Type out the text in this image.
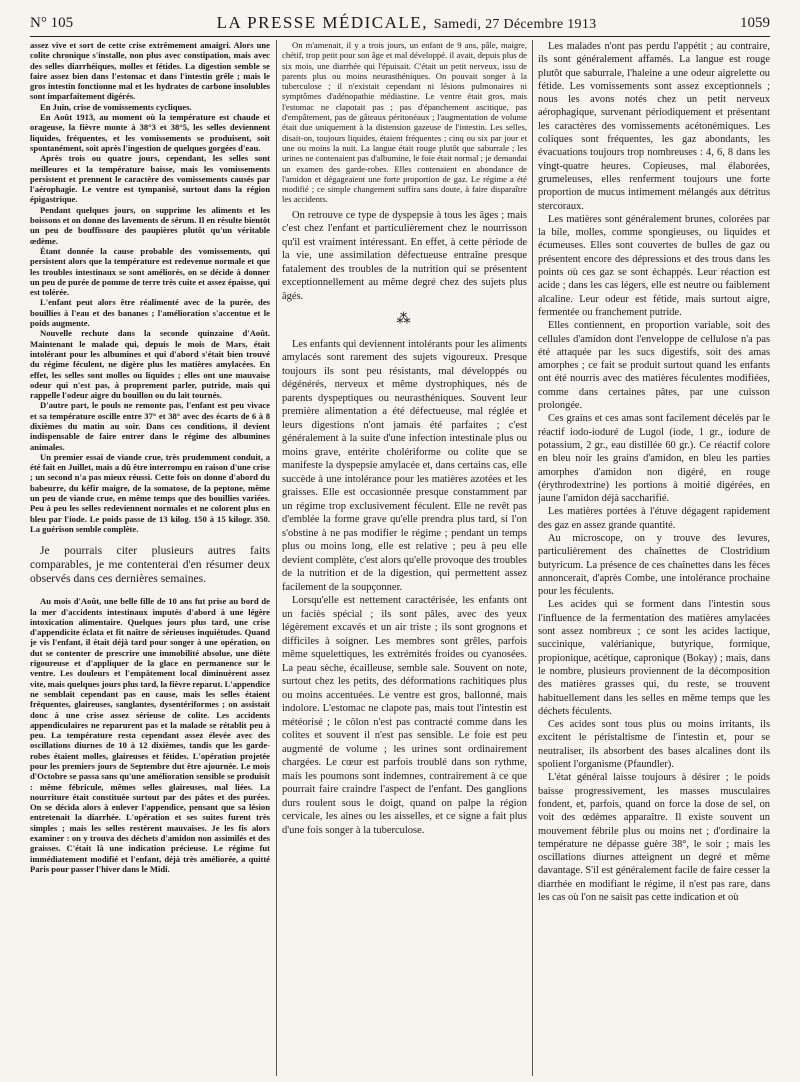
N° 105	LA PRESSE MÉDICALE, Samedi, 27 Décembre 1913	1059

assez vive et sort de cette crise extrêmement amaigri. Alors une colite chronique s'installe, non plus avec constipation, mais avec des selles diarrhéiques, molles et fétides. La digestion semble se faire assez bien dans l'estomac et dans l'intestin grêle ; mais le gros intestin fonctionne mal et les hydrates de carbone insolubles sont imparfaitement digérés.

En Juin, crise de vomissements cycliques.

En Août 1913, au moment où la température est chaude et orageuse, la fièvre monte à 38°3 et 38°5, les selles deviennent liquides, fréquentes, et les vomissements se produisent, soit spontanément, soit après l'ingestion de quelques gorgées d'eau.

Après trois ou quatre jours, cependant, les selles sont meilleures et la température baisse, mais les vomissements persistent et prennent le caractère des vomissements causés par l'aérophagie. Le ventre est tympanisé, surtout dans la région épigastrique.

Pendant quelques jours, on supprime les aliments et les boissons et on donne des lavements de sérum. Il en résulte bientôt un peu de bouffissure des paupières plutôt qu'un véritable œdème.

Étant donnée la cause probable des vomissements, qui persistent alors que la température est redevenue normale et que les troubles intestinaux se sont améliorés, on se décide à donner un peu de purée de pomme de terre très cuite et assez épaisse, qui est tolérée.

L'enfant peut alors être réalimenté avec de la purée, des bouillies à l'eau et des bananes ; l'amélioration s'accentue et le poids augmente.

Nouvelle rechute dans la seconde quinzaine d'Août. Maintenant le malade qui, depuis le mois de Mars, était intolérant pour les albumines et qui d'abord s'était bien trouvé du régime féculent, ne digère plus les matières amylacées. En effet, les selles sont molles ou liquides ; elles ont une mauvaise odeur qui n'est pas, à proprement parler, putride, mais qui rappelle l'odeur aigre du bouillon ou du lait tournés.

D'autre part, le pouls ne remonte pas, l'enfant est peu vivace et sa température oscille entre 37° et 38° avec des écarts de 6 à 8 dixièmes du matin au soir. Dans ces conditions, il devient indispensable de faire entrer dans le régime des albumines animales.

Un premier essai de viande crue, très prudemment conduit, a été fait en Juillet, mais a dû être interrompu en raison d'une crise ; un second n'a pas mieux réussi. Cette fois on donne d'abord du babeurre, du kéfir maigre, de la somatose, de la peptone, même un peu de viande crue, en même temps que des bouillies variées. Peu à peu les selles redeviennent normales et ne colorent plus en bleu par l'iode. Le poids passe de 13 kilog. 150 à 15 kilogr. 350. La guérison semble complète.

Je pourrais citer plusieurs autres faits comparables, je me contenterai d'en résumer deux observés dans ces dernières semaines.

Au mois d'Août, une belle fille de 10 ans fut prise au bord de la mer d'accidents intestinaux imputés d'abord à une légère intoxication alimentaire. Quelques jours plus tard, une crise d'appendicite éclata et fit naître de sérieuses inquiétudes. Quand je vis l'enfant, il était déjà tard pour songer à une opération, on dut se contenter de prescrire une immobilité absolue, une diète rigoureuse et d'appliquer de la glace en permanence sur le ventre. Les douleurs et l'empâtement local diminuèrent assez vite, mais quelques jours plus tard, la fièvre reparut. L'appendice ne semblait cependant pas en cause, mais les selles étaient fréquentes, glaireuses, sanglantes, dysentériformes ; on assistait donc à une crise assez sérieuse de colite. Les accidents appendiculaires ne reparurent pas et la malade se rétablit peu à peu. La température resta cependant assez élevée avec des oscillations diurnes de 10 à 12 dixièmes, tandis que les garde-robes étaient molles, glaireuses et fétides. L'opération projetée pour les premiers jours de Septembre dut être ajournée. Le mois d'Octobre se passa sans qu'une amélioration sensible se produisît : même fébricule, mêmes selles glaireuses, mal liées. La nourriture était constituée surtout par des pâtes et des purées. On se décida alors à enlever l'appendice, pensant que sa lésion entretenait la diarrhée. L'opération et ses suites furent très simples ; mais les selles restèrent mauvaises. Je les fis alors examiner : on y trouva des déchets d'amidon non assimilés et des graisses. C'était là une indication précieuse. Le régime fut immédiatement modifié et l'enfant, déjà très améliorée, a quitté Paris pour passer l'hiver dans le Midi.

On m'amenait, il y a trois jours, un enfant de 9 ans, pâle, maigre, chétif, trop petit pour son âge et mal développé. il avait, depuis plus de six mois, une diarrhée qui l'épuisait. C'était un petit nerveux, issu de parents plus ou moins neurasthéniques. On pouvait songer à la tuberculose ; il n'existait cependant ni lésions pulmonaires ni symptômes d'adénopathie médiastine. Le ventre était gros, mais l'estomac ne clapotait pas ; pas d'épanchement ascitique, pas d'empâtement, pas de gâteaux péritonéaux ; l'augmentation de volume était due uniquement à la distension gazeuse de l'intestin. Les selles, disait-on, toujours liquides, étaient fréquentes ; cinq ou six par jour et une ou moins la nuit. La langue était rouge plutôt que saburrale ; les urines ne contenaient pas d'albumine, le foie était normal ; je demandai un examen des garde-robes. Elles contenaient en abondance de l'amidon et dégageaient une forte proportion de gaz. Le régime a été modifié ; ce simple changement suffira sans doute, à faire disparaître les accidents.

On retrouve ce type de dyspepsie à tous les âges ; mais c'est chez l'enfant et particulièrement chez le nourrisson qu'il est vraiment intéressant. En effet, à cette période de la vie, une assimilation défectueuse entraîne presque fatalement des troubles de la nutrition qui se présentent exceptionnellement au même degré chez des sujets plus âgés.

⁂

Les enfants qui deviennent intolérants pour les aliments amylacés sont rarement des sujets vigoureux. Presque toujours ils sont peu résistants, mal développés ou dégénérés, nerveux et même dystrophiques, nés de parents dyspeptiques ou neurasthéniques. Souvent leur première alimentation a été défectueuse, mal réglée et leurs digestions n'ont jamais été parfaites ; c'est généralement à la suite d'une infection intestinale plus ou moins grave, entérite cholériforme ou colite que se manifeste la dyspepsie amylacée et, dans certains cas, elle succède à une intolérance pour les matières azotées et les graisses. Elle est occasionnée presque constamment par un régime trop exclusivement féculent. Elle ne revêt pas d'emblée la forme grave qu'elle prendra plus tard, si l'on s'obstine à ne pas modifier le régime ; pendant un temps plus ou moins long, elle est relative ; peu à peu elle devient complète, c'est alors qu'elle provoque des troubles de la nutrition et de la digestion, qui permettent assez facilement de la soupçonner.

Lorsqu'elle est nettement caractérisée, les enfants ont un faciès spécial ; ils sont pâles, avec des yeux légèrement excavés et un air triste ; ils sont grognons et difficiles à soigner. Les membres sont grêles, parfois même squelettiques, les extrémités froides ou cyanosées. La peau sèche, écailleuse, semble sale. Souvent on note, surtout chez les petits, des déformations rachitiques plus ou moins accentuées. Le ventre est gros, ballonné, mais indolore. L'estomac ne clapote pas, mais tout l'intestin est météorisé ; le côlon n'est pas contracté comme dans les colites et souvent il n'est pas sensible. Le foie est peu augmenté de volume ; les urines sont ordinairement chargées. Le cœur est parfois troublé dans son rythme, mais les poumons sont indemnes, contrairement à ce que pourrait faire craindre l'aspect de l'enfant. Des ganglions durs roulent sous le doigt, quand on palpe la région cervicale, les aines ou les aisselles, et ce signe a fait plus d'une fois songer à la tuberculose.

Les malades n'ont pas perdu l'appétit ; au contraire, ils sont généralement affamés. La langue est rouge plutôt que saburrale, l'haleine a une odeur aigrelette ou fétide. Les vomissements sont assez exceptionnels ; nous les avons notés chez un petit nerveux aérophagique, survenant périodiquement et présentant les caractères des vomissements acétonémiques. Les coliques sont fréquentes, les gaz abondants, les évacuations toujours trop nombreuses : 4, 6, 8 dans les vingt-quatre heures. Copieuses, mal élaborées, grumeleuses, elles renferment toujours une forte proportion de mucus intimement mélangés aux détritus stercoraux.

Les matières sont généralement brunes, colorées par la bile, molles, comme spongieuses, ou liquides et écumeuses. Elles sont couvertes de bulles de gaz ou présentent encore des dépressions et des trous dans les points où ces gaz se sont échappés. Leur réaction est acide ; dans les cas légers, elle est neutre ou faiblement alcaline. Leur odeur est fétide, mais surtout aigre, fermentée ou franchement putride.

Elles contiennent, en proportion variable, soit des cellules d'amidon dont l'enveloppe de cellulose n'a pas été attaquée par les sucs digestifs, soit des amas amorphes ; ce fait se produit surtout quand les enfants ont été nourris avec des matières féculentes modifiées, comme dans certaines pâtes, par une cuisson prolongée.

Ces grains et ces amas sont facilement décelés par le réactif iodo-ioduré de Lugol (iode, 1 gr., iodure de potassium, 2 gr., eau distillée 60 gr.). Ce réactif colore en bleu noir les grains d'amidon, en bleu les parties amorphes d'amidon non digéré, en rouge (érythrodextrine) les portions à moitié digérées, en jaune l'amidon déjà saccharifié.

Les matières portées à l'étuve dégagent rapidement des gaz en assez grande quantité.

Au microscope, on y trouve des levures, particulièrement des chaînettes de Clostridium butyricum. La présence de ces chaînettes dans les fèces annoncerait, d'après Combe, une intolérance prochaine pour les féculents.

Les acides qui se forment dans l'intestin sous l'influence de la fermentation des matières amylacées sont assez nombreux ; ce sont les acides lactique, succinique, valérianique, butyrique, formique, propionique, acétique, capronique (Bokay) ; mais, dans le nombre, plusieurs proviennent de la décomposition des matières grasses qui, du reste, se trouvent habituellement dans les selles en même temps que les déchets féculents.

Ces acides sont tous plus ou moins irritants, ils excitent le péristaltisme de l'intestin et, pour se neutraliser, ils absorbent des bases alcalines dont ils spolient l'organisme (Pfaundler).

L'état général laisse toujours à désirer ; le poids baisse progressivement, les masses musculaires fondent, et, parfois, quand on force la dose de sel, on voit des œdèmes apparaître. Il existe souvent un mouvement fébrile plus ou moins net ; d'ordinaire la température ne dépasse guère 38°, le soir ; mais les oscillations diurnes atteignent un degré et même davantage. S'il est généralement facile de faire cesser la diarrhée en modifiant le régime, il n'est pas rare, dans les cas où l'on ne saisit pas cette indication et où
